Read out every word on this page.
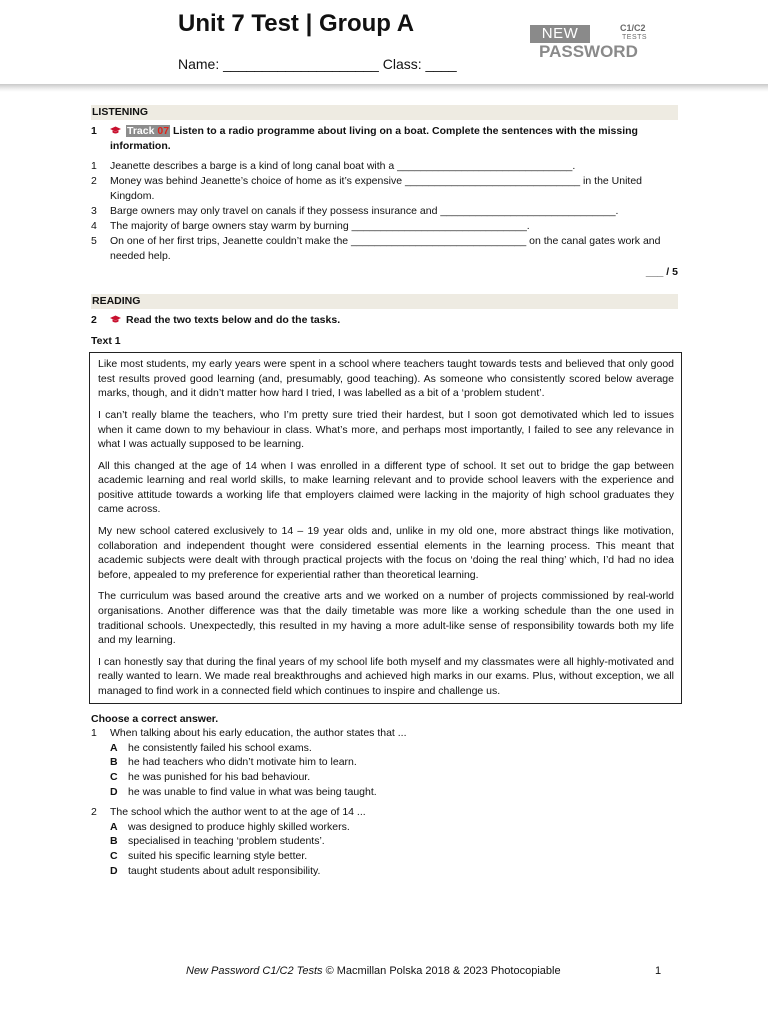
Unit 7 Test | Group A
Name: ____________________ Class: ____
NEW	C1/C2
TESTS
PASSWORD
LISTENING
1	Track 07 Listen to a radio programme about living on a boat. Complete the sentences with the missing information.
1 Jeanette describes a barge is a kind of long canal boat with a ______________________________.
2 Money was behind Jeanette’s choice of home as it’s expensive ______________________________ in the United Kingdom.
3 Barge owners may only travel on canals if they possess insurance and ______________________________.
4 The majority of barge owners stay warm by burning ______________________________.
5 On one of her first trips, Jeanette couldn’t make the ______________________________ on the canal gates work and needed help.
___ / 5
READING
2	Read the two texts below and do the tasks.
Text 1

Like most students, my early years were spent in a school where teachers taught towards tests and believed that only good test results proved good learning (and, presumably, good teaching). As someone who consistently scored below average marks, though, and it didn’t matter how hard I tried, I was labelled as a bit of a ‘problem student’.

I can’t really blame the teachers, who I’m pretty sure tried their hardest, but I soon got demotivated which led to issues when it came down to my behaviour in class. What’s more, and perhaps most importantly, I failed to see any relevance in what I was actually supposed to be learning.

All this changed at the age of 14 when I was enrolled in a different type of school. It set out to bridge the gap between academic learning and real world skills, to make learning relevant and to provide school leavers with the experience and positive attitude towards a working life that employers claimed were lacking in the majority of high school graduates they came across.

My new school catered exclusively to 14 – 19 year olds and, unlike in my old one, more abstract things like motivation, collaboration and independent thought were considered essential elements in the learning process. This meant that academic subjects were dealt with through practical projects with the focus on ‘doing the real thing’ which, I’d had no idea before, appealed to my preference for experiential rather than theoretical learning.

The curriculum was based around the creative arts and we worked on a number of projects commissioned by real-world organisations. Another difference was that the daily timetable was more like a working schedule than the one used in traditional schools. Unexpectedly, this resulted in my having a more adult-like sense of responsibility towards both my life and my learning.

I can honestly say that during the final years of my school life both myself and my classmates were all highly-motivated and really wanted to learn. We made real breakthroughs and achieved high marks in our exams. Plus, without exception, we all managed to find work in a connected field which continues to inspire and challenge us.

Choose a correct answer.
1 When talking about his early education, the author states that ...
A he consistently failed his school exams.
B he had teachers who didn’t motivate him to learn.
C he was punished for his bad behaviour.
D he was unable to find value in what was being taught.
2 The school which the author went to at the age of 14 ...
A was designed to produce highly skilled workers.
B specialised in teaching ‘problem students’.
C suited his specific learning style better.
D taught students about adult responsibility.
New Password C1/C2 Tests © Macmillan Polska 2018 & 2023 Photocopiable	1
